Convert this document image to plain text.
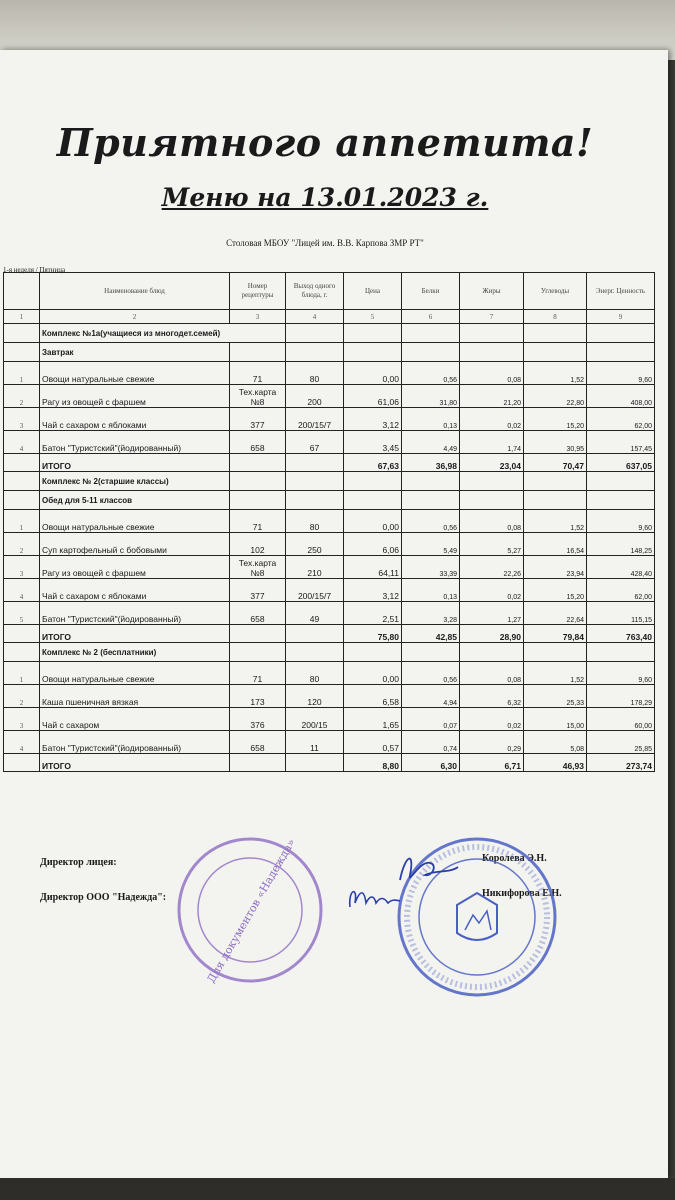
Приятного аппетита!
Меню на 13.01.2023 г.
Столовая МБОУ "Лицей им. В.В. Карпова ЗМР РТ"
1-я неделя / Пятница
	Наименование блюд	Номер рецептуры	Выход одного блюда, г.	Цена	Белки	Жиры	Углеводы	Энерг. Ценность
1	2	3	4	5	6	7	8	9
	Комплекс №1а(учащиеся из многодет.семей)							
	Завтрак							
1	Овощи натуральные свежие	71	80	0,00	0,56	0,08	1,52	9,60
2	Рагу из овощей с фаршем	Тех.карта №8	200	61,06	31,80	21,20	22,80	408,00
3	Чай с сахаром с яблоками	377	200/15/7	3,12	0,13	0,02	15,20	62,00
4	Батон "Туристский"(йодированный)	658	67	3,45	4,49	1,74	30,95	157,45
	ИТОГО			67,63	36,98	23,04	70,47	637,05
	Комплекс № 2(старшие классы)							
	Обед для 5-11 классов							
1	Овощи натуральные свежие	71	80	0,00	0,56	0,08	1,52	9,60
2	Суп картофельный с бобовыми	102	250	6,06	5,49	5,27	16,54	148,25
3	Рагу из овощей с фаршем	Тех.карта №8	210	64,11	33,39	22,26	23,94	428,40
4	Чай с сахаром с яблоками	377	200/15/7	3,12	0,13	0,02	15,20	62,00
5	Батон "Туристский"(йодированный)	658	49	2,51	3,28	1,27	22,64	115,15
	ИТОГО			75,80	42,85	28,90	79,84	763,40
	Комплекс № 2 (бесплатники)							
1	Овощи натуральные свежие	71	80	0,00	0,56	0,08	1,52	9,60
2	Каша пшеничная вязкая	173	120	6,58	4,94	6,32	25,33	178,29
3	Чай с сахаром	376	200/15	1,65	0,07	0,02	15,00	60,00
4	Батон "Туристский"(йодированный)	658	11	0,57	0,74	0,29	5,08	25,85
	ИТОГО			8,80	6,30	6,71	46,93	273,74
Директор лицея:
Директор ООО "Надежда":
Королева Э.Н.
Никифорова Е.Н.
Для документов «Надежда»
